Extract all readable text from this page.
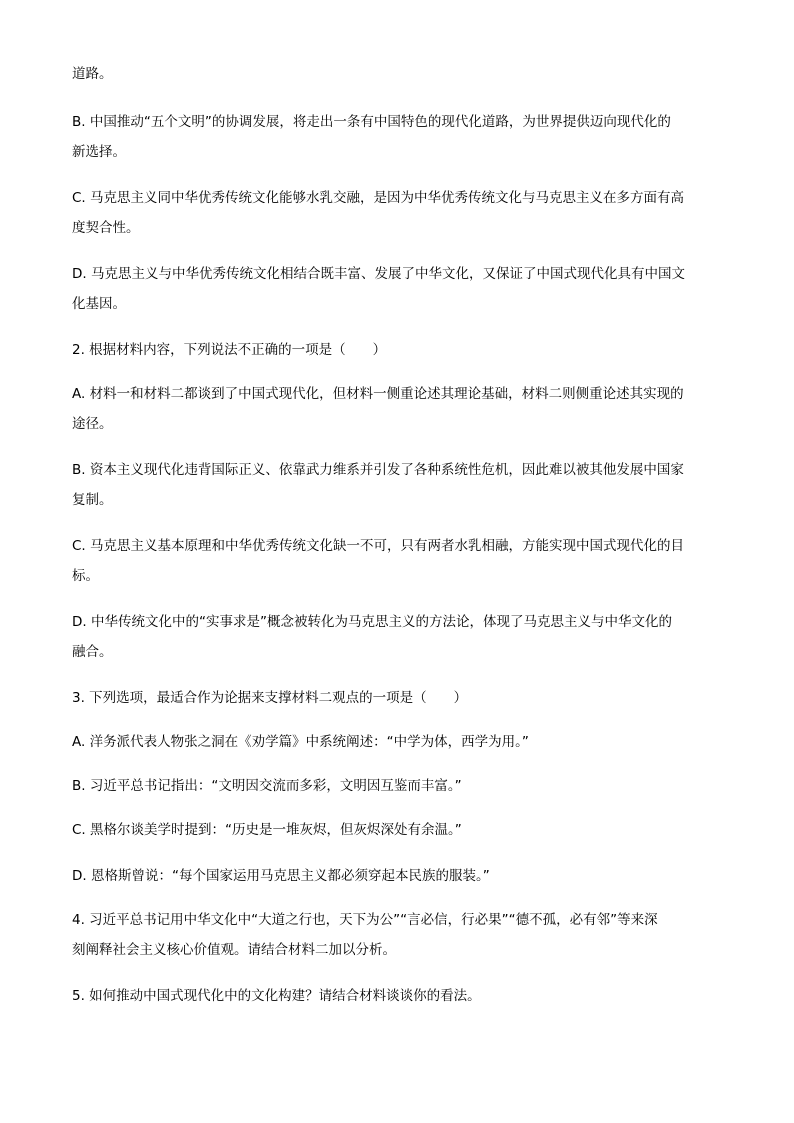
道路。
B. 中国推动“五个文明”的协调发展，将走出一条有中国特色的现代化道路，为世界提供迈向现代化的
新选择。
C. 马克思主义同中华优秀传统文化能够水乳交融，是因为中华优秀传统文化与马克思主义在多方面有高
度契合性。
D. 马克思主义与中华优秀传统文化相结合既丰富、发展了中华文化，又保证了中国式现代化具有中国文
化基因。
2. 根据材料内容，下列说法不正确的一项是（　　）
A. 材料一和材料二都谈到了中国式现代化，但材料一侧重论述其理论基础，材料二则侧重论述其实现的
途径。
B. 资本主义现代化违背国际正义、依靠武力维系并引发了各种系统性危机，因此难以被其他发展中国家
复制。
C. 马克思主义基本原理和中华优秀传统文化缺一不可，只有两者水乳相融，方能实现中国式现代化的目
标。
D. 中华传统文化中的“实事求是”概念被转化为马克思主义的方法论，体现了马克思主义与中华文化的
融合。
3. 下列选项，最适合作为论据来支撑材料二观点的一项是（　　）
A. 洋务派代表人物张之洞在《劝学篇》中系统阐述：“中学为体，西学为用。”
B. 习近平总书记指出：“文明因交流而多彩，文明因互鉴而丰富。”
C. 黑格尔谈美学时提到：“历史是一堆灰烬，但灰烬深处有余温。”
D. 恩格斯曾说：“每个国家运用马克思主义都必须穿起本民族的服装。”
4. 习近平总书记用中华文化中“大道之行也，天下为公”“言必信，行必果”“德不孤，必有邻”等来深
刻阐释社会主义核心价值观。请结合材料二加以分析。
5. 如何推动中国式现代化中的文化构建？请结合材料谈谈你的看法。
